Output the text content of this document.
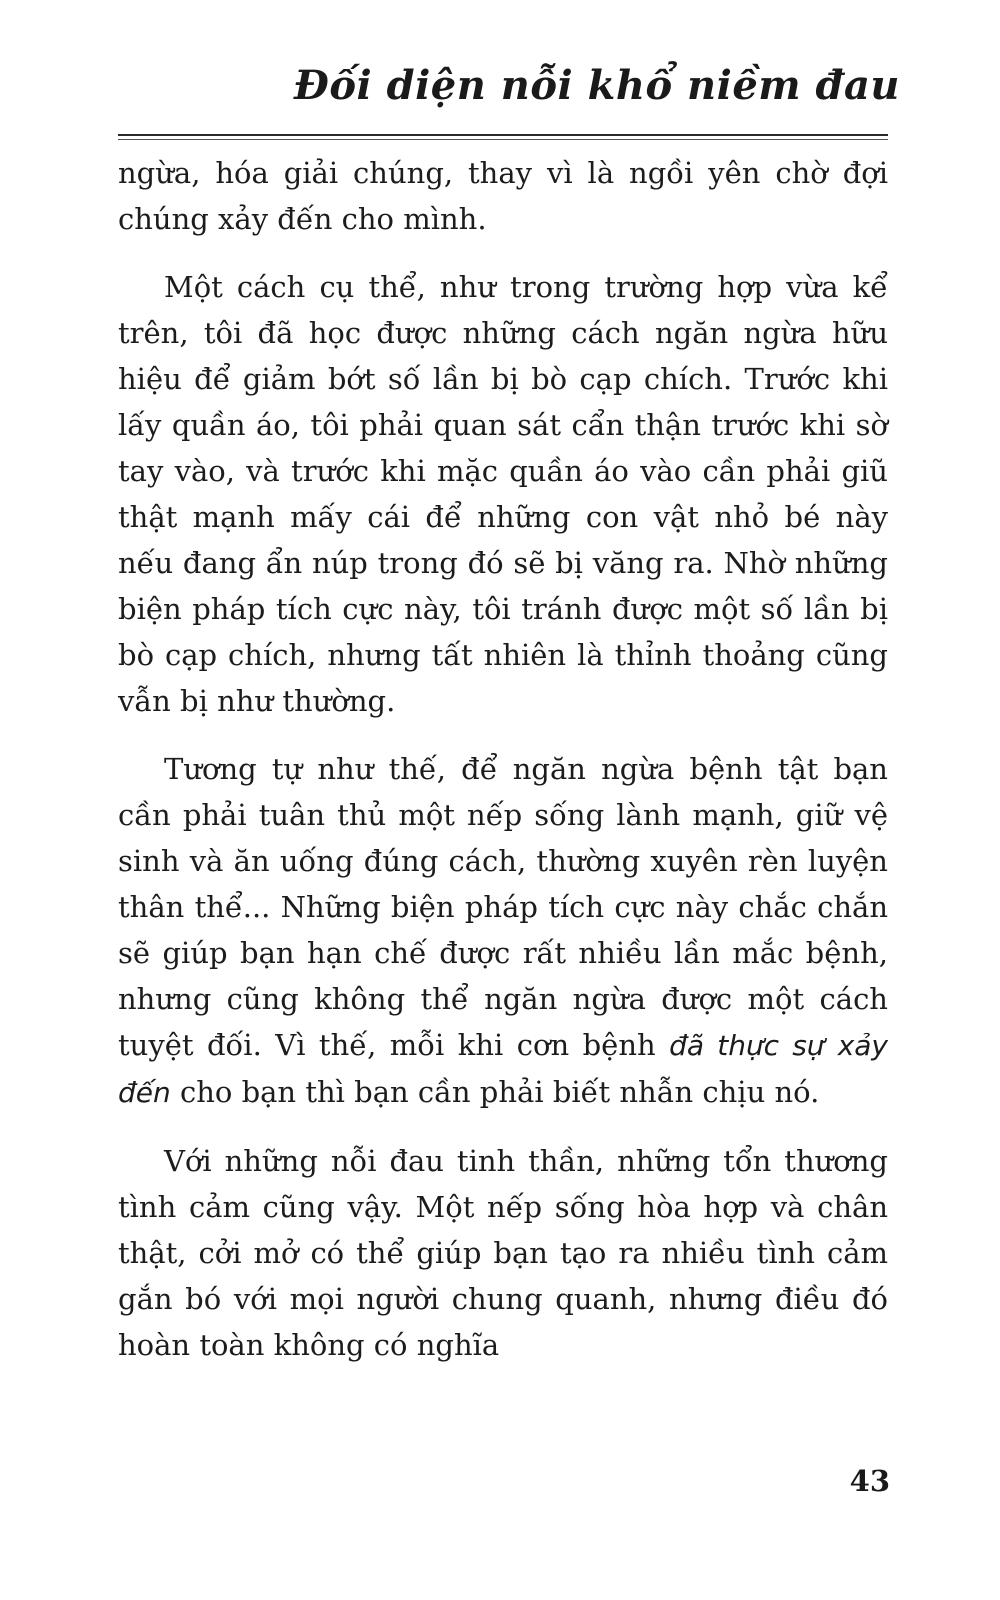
Đối diện nỗi khổ niềm đau

ngừa, hóa giải chúng, thay vì là ngồi yên chờ đợi chúng xảy đến cho mình.

Một cách cụ thể, như trong trường hợp vừa kể trên, tôi đã học được những cách ngăn ngừa hữu hiệu để giảm bớt số lần bị bò cạp chích. Trước khi lấy quần áo, tôi phải quan sát cẩn thận trước khi sờ tay vào, và trước khi mặc quần áo vào cần phải giũ thật mạnh mấy cái để những con vật nhỏ bé này nếu đang ẩn núp trong đó sẽ bị văng ra. Nhờ những biện pháp tích cực này, tôi tránh được một số lần bị bò cạp chích, nhưng tất nhiên là thỉnh thoảng cũng vẫn bị như thường.

Tương tự như thế, để ngăn ngừa bệnh tật bạn cần phải tuân thủ một nếp sống lành mạnh, giữ vệ sinh và ăn uống đúng cách, thường xuyên rèn luyện thân thể... Những biện pháp tích cực này chắc chắn sẽ giúp bạn hạn chế được rất nhiều lần mắc bệnh, nhưng cũng không thể ngăn ngừa được một cách tuyệt đối. Vì thế, mỗi khi cơn bệnh đã thực sự xảy đến cho bạn thì bạn cần phải biết nhẫn chịu nó.

Với những nỗi đau tinh thần, những tổn thương tình cảm cũng vậy. Một nếp sống hòa hợp và chân thật, cởi mở có thể giúp bạn tạo ra nhiều tình cảm gắn bó với mọi người chung quanh, nhưng điều đó hoàn toàn không có nghĩa

43
